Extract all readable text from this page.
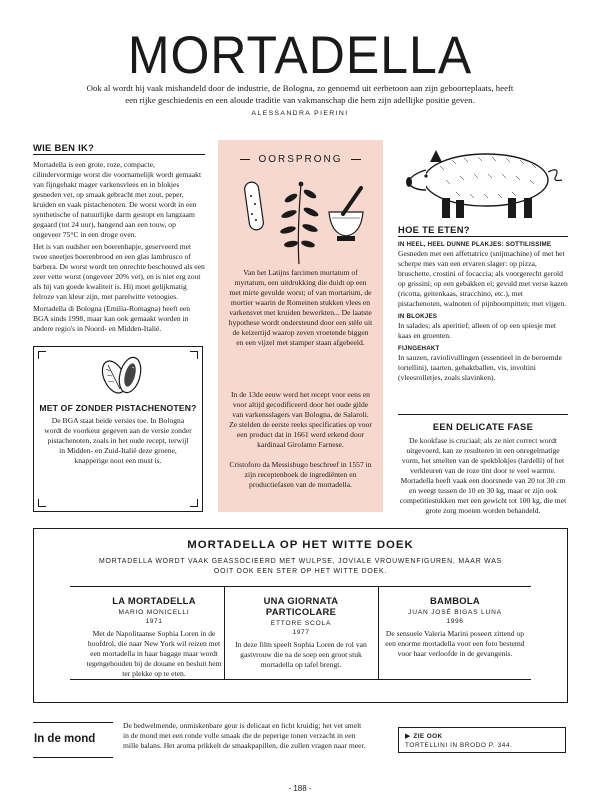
MORTADELLA
Ook al wordt hij vaak mishandeld door de industrie, de Bologna, zo genoemd uit eerbetoon aan zijn geboorteplaats, heeft een rijke geschiedenis en een aloude traditie van vakmanschap die hem zijn adellijke positie geven.
ALESSANDRA PIERINI
WIE BEN IK?

Mortadella is een grote, roze, compacte, cilindervormige worst die voornamelijk wordt gemaakt van fijngehakt mager varkensvlees en in blokjes gesneden vet, op smaak gebracht met zout, peper, kruiden en vaak pistachenoten. De worst wordt in een synthetische of natuurlijke darm gestopt en langzaam gegaard (tot 24 uur), hangend aan een touw, op ongeveer 75°C in een droge oven.

Het is van oudsher een boerenhapje, geserveerd met twee sneetjes boerenbrood en een glas lambrusco of barbera. De worst wordt ten onrechte beschouwd als een zeer vette worst (ongeveer 20% vet), en is niet erg zout als hij van goede kwaliteit is. Hij moet gelijkmatig felroze van kleur zijn, met parelwitte vetoogies.

Mortadella di Bologna (Emilia-Romagna) heeft een BGA sinds 1998, maar kan ook gemaakt worden in andere regio's in Noord- en Midden-Italië.

MET OF ZONDER PISTACHENOTEN?
De BGA staat beide versies toe. In Bologna wordt de voorkeur gegeven aan de versie zonder pistachenoten, zoals in het oude recept, terwijl in Midden- en Zuid-Italië deze groene, knapperige noot een must is.
OORSPRONG
Van het Latijns farcimen murtatum of myrtatum, een uitdrukking die duidt op een met mirte gevulde worst; of van mortarium, de mortier waarin de Romeinen stukken vlees en varkensvet met kruiden bewerkten... De laatste hypothese wordt ondersteund door een stèle uit de keizertijd waarop zeven vroetende biggen en een vijzel met stamper staan afgebeeld.
In de 13de eeuw werd het recept voor eens en voor altijd gecodificeerd door het oude gilde van varkensslagers van Bologna, de Salaroli. Ze stelden de eerste reeks specificaties op voor een product dat in 1661 werd erkend door kardinaal Girolamo Farnese.
Cristoforo da Messisbugo beschreef in 1557 in zijn receptenboek de ingrediënten en productiefasen van de mortadella.
HOE TE ETEN?
IN HEEL, HEEL DUNNE PLAKJES: SOTTILISSIME
Gesneden met een affettatrice (snijmachine) of met het scherpe mes van een ervaren slager: op pizza, bruschette, crostini of focaccia; als voorgerecht gerold op grissini; op een gebakken ei; gevuld met verse kazen (ricotta, geitenkaas, stracchino, etc.), met pistachenoten, walnoten of pijnboompitten; met vijgen.
IN BLOKJES
In salades; als aperitief; alleen of op een spiesje met kaas en groenten.
FIJNGEHAKT
In sauzen, raviolivullingen (essentieel in de beroemde tortellini), taarten, gehaktballen, vis, involtini (vleesrolletjes, zoals slavinken).
EEN DELICATE FASE
De kookfase is cruciaal; als ze niet correct wordt uitgevoerd, kan ze resulteren in een onregelmatige vorm, het smelten van de spekblokjes (lardelli) of het verkleuren van de roze tint door te veel warmte. Mortadella heeft vaak een doorsnede van 20 tot 30 cm en weegt tussen de 10 en 30 kg, maar er zijn ook competitiestukken met een gewicht tot 100 kg, die met grote zorg moeten worden behandeld.
MORTADELLA OP HET WITTE DOEK
MORTADELLA WORDT VAAK GEASSOCIEERD MET WULPSE, JOVIALE VROUWENFIGUREN, MAAR WAS OOIT OOK EEN STER OP HET WITTE DOEK.
LA MORTADELLA
MARIO MONICELLI
1971
Met de Napolitaanse Sophia Loren in de hoofdrol, die naar New York wil reizen met een mortadella in haar bagage maar wordt tegengehouden bij de douane en besluit hem ter plekke op te eten.
UNA GIORNATA PARTICOLARE
ETTORE SCOLA
1977
In deze film speelt Sophia Loren de rol van gastvrouw die na de soep een groot stuk mortadella op tafel brengt.
BAMBOLA
JUAN JOSÉ BIGAS LUNA
1996
De sensuele Valeria Marini poseert zittend op een enorme mortadella voor een foto bestemd voor haar verloofde in de gevangenis.
In de mond
De bedwelmende, onmiskenbare geur is delicaat en licht kruidig; het vet smelt in de mond met een ronde volle smaak die de peperige tonen verzacht in een mille balans. Het aroma prikkelt de smaakpapillen, die zullen vragen naar meer.
▶ ZIE OOK
TORTELLINI IN BRODO P. 344.
- 188 -
